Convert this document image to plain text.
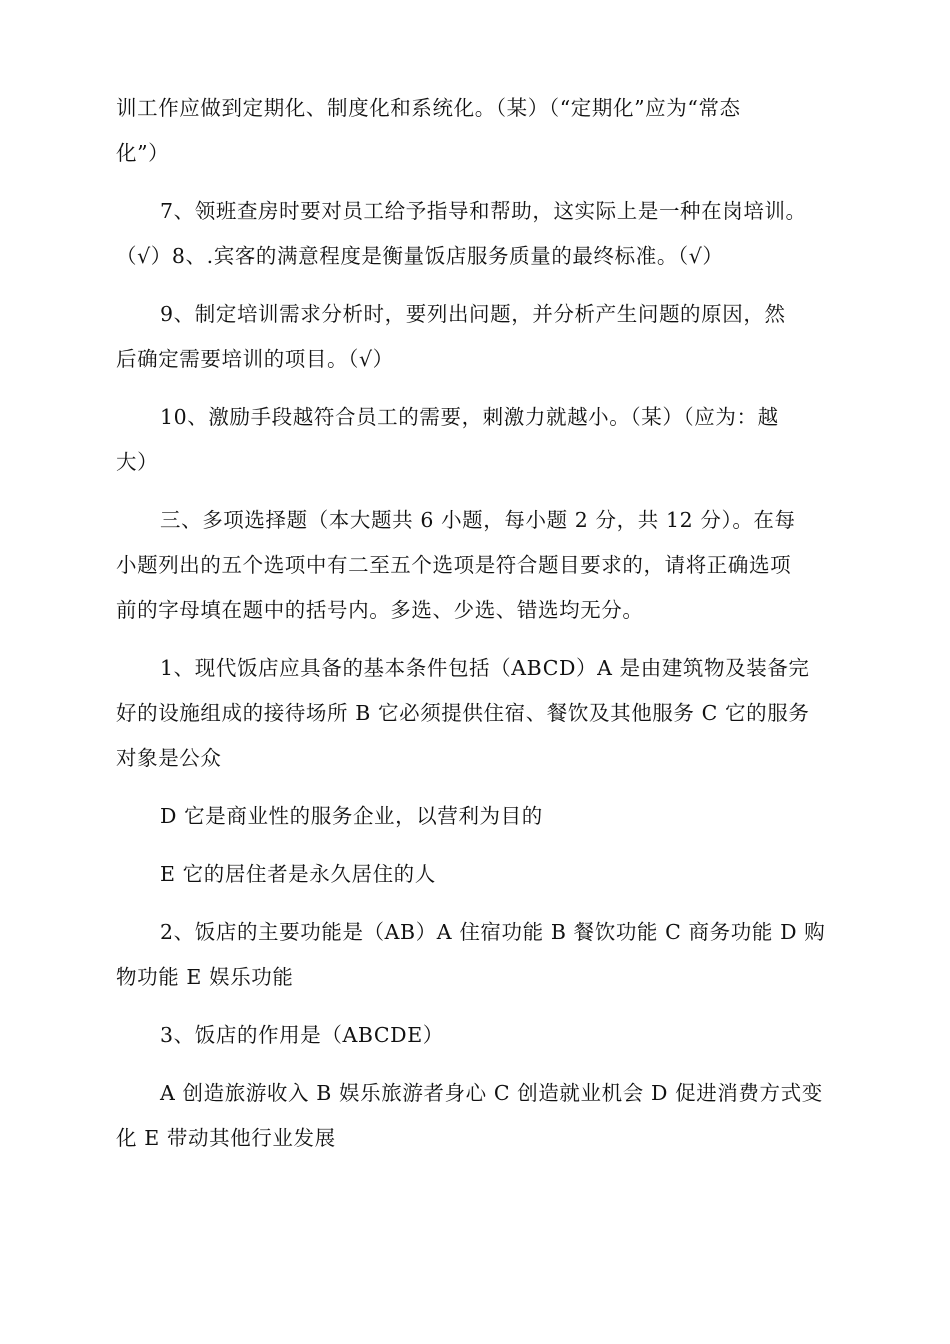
训工作应做到定期化、制度化和系统化。（某）（“定期化”应为“常态
化”）

7、领班查房时要对员工给予指导和帮助，这实际上是一种在岗培训。
（√）8、.宾客的满意程度是衡量饭店服务质量的最终标准。（√）

9、制定培训需求分析时，要列出问题，并分析产生问题的原因，然
后确定需要培训的项目。（√）

10、激励手段越符合员工的需要，刺激力就越小。（某）（应为：越
大）

三、多项选择题（本大题共 6 小题，每小题 2 分，共 12 分）。在每
小题列出的五个选项中有二至五个选项是符合题目要求的，请将正确选项
前的字母填在题中的括号内。多选、少选、错选均无分。

1、现代饭店应具备的基本条件包括（ABCD）A 是由建筑物及装备完
好的设施组成的接待场所 B 它必须提供住宿、餐饮及其他服务 C 它的服务
对象是公众

D 它是商业性的服务企业，以营利为目的

E 它的居住者是永久居住的人

2、饭店的主要功能是（AB）A 住宿功能 B 餐饮功能 C 商务功能 D 购
物功能 E 娱乐功能

3、饭店的作用是（ABCDE）

A 创造旅游收入 B 娱乐旅游者身心 C 创造就业机会 D 促进消费方式变
化 E 带动其他行业发展
